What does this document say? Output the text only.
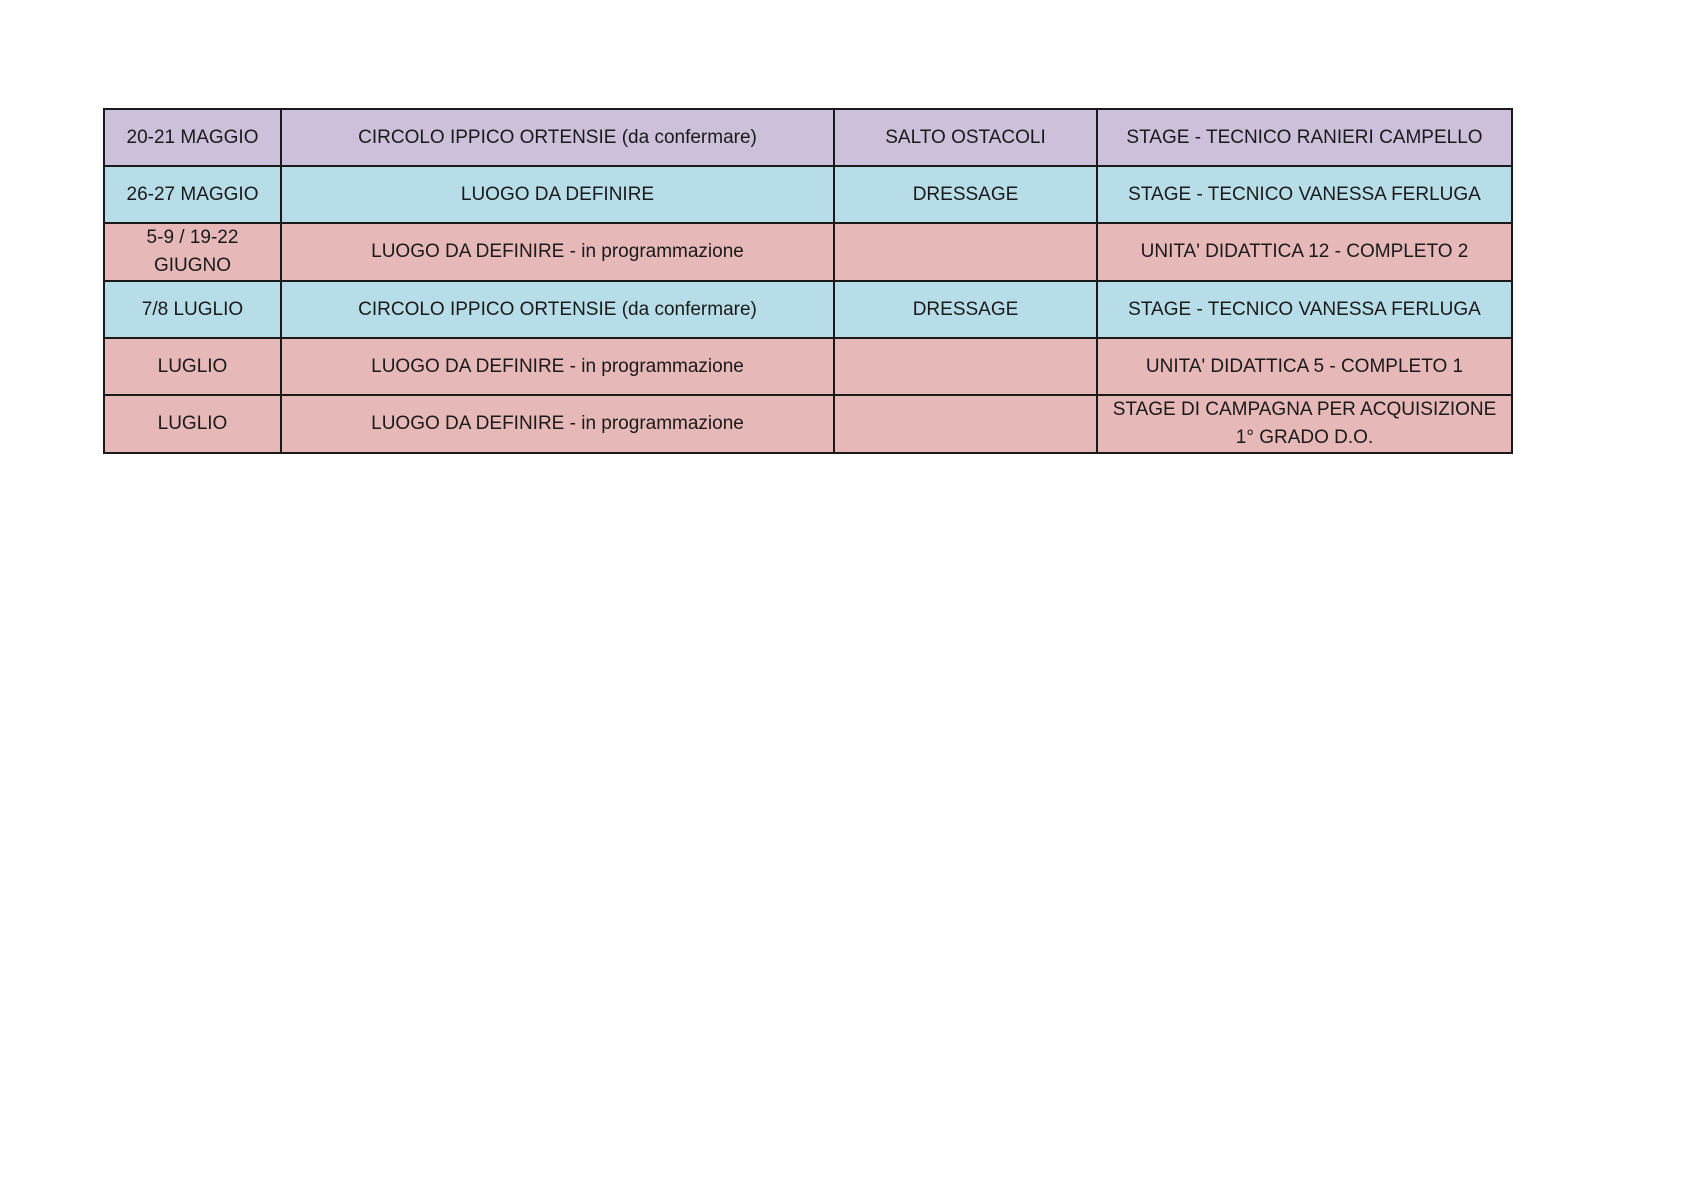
20-21 MAGGIO	CIRCOLO IPPICO ORTENSIE (da confermare)	SALTO OSTACOLI	STAGE - TECNICO RANIERI CAMPELLO
26-27 MAGGIO	LUOGO DA DEFINIRE	DRESSAGE	STAGE - TECNICO VANESSA FERLUGA
5-9 / 19-22 GIUGNO	LUOGO DA DEFINIRE - in programmazione		UNITA' DIDATTICA 12 - COMPLETO 2
7/8 LUGLIO	CIRCOLO IPPICO ORTENSIE (da confermare)	DRESSAGE	STAGE - TECNICO VANESSA FERLUGA
LUGLIO	LUOGO DA DEFINIRE - in programmazione		UNITA' DIDATTICA 5 - COMPLETO 1
LUGLIO	LUOGO DA DEFINIRE - in programmazione		STAGE DI CAMPAGNA PER ACQUISIZIONE 1° GRADO D.O.
